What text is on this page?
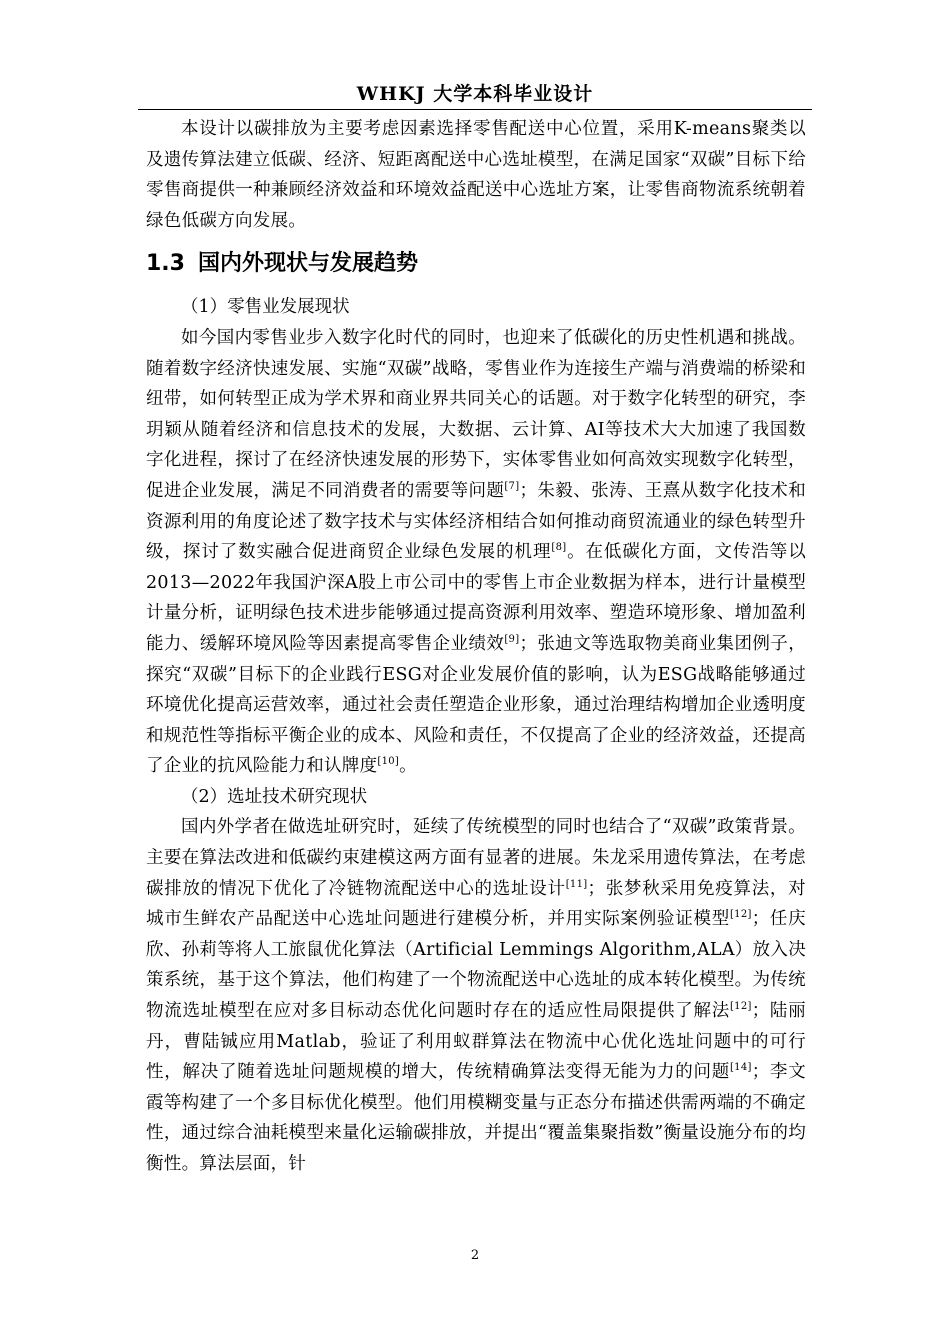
WHKJ 大学本科毕业设计

本设计以碳排放为主要考虑因素选择零售配送中心位置，采用K-means聚类以及遗传算法建立低碳、经济、短距离配送中心选址模型，在满足国家“双碳”目标下给零售商提供一种兼顾经济效益和环境效益配送中心选址方案，让零售商物流系统朝着绿色低碳方向发展。

1.3 国内外现状与发展趋势

（1）零售业发展现状

如今国内零售业步入数字化时代的同时，也迎来了低碳化的历史性机遇和挑战。随着数字经济快速发展、实施“双碳”战略，零售业作为连接生产端与消费端的桥梁和纽带，如何转型正成为学术界和商业界共同关心的话题。对于数字化转型的研究，李玥颖从随着经济和信息技术的发展，大数据、云计算、AI等技术大大加速了我国数字化进程，探讨了在经济快速发展的形势下，实体零售业如何高效实现数字化转型，促进企业发展，满足不同消费者的需要等问题[7]；朱毅、张涛、王熹从数字化技术和资源利用的角度论述了数字技术与实体经济相结合如何推动商贸流通业的绿色转型升级，探讨了数实融合促进商贸企业绿色发展的机理[8]。在低碳化方面，文传浩等以2013—2022年我国沪深A股上市公司中的零售上市企业数据为样本，进行计量模型计量分析，证明绿色技术进步能够通过提高资源利用效率、塑造环境形象、增加盈利能力、缓解环境风险等因素提高零售企业绩效[9]；张迪文等选取物美商业集团例子，探究“双碳”目标下的企业践行ESG对企业发展价值的影响，认为ESG战略能够通过环境优化提高运营效率，通过社会责任塑造企业形象，通过治理结构增加企业透明度和规范性等指标平衡企业的成本、风险和责任，不仅提高了企业的经济效益，还提高了企业的抗风险能力和认牌度[10]。

（2）选址技术研究现状

国内外学者在做选址研究时，延续了传统模型的同时也结合了“双碳”政策背景。主要在算法改进和低碳约束建模这两方面有显著的进展。朱龙采用遗传算法，在考虑碳排放的情况下优化了冷链物流配送中心的选址设计[11]；张梦秋采用免疫算法，对城市生鲜农产品配送中心选址问题进行建模分析，并用实际案例验证模型[12]；任庆欣、孙莉等将人工旅鼠优化算法（Artificial Lemmings Algorithm,ALA）放入决策系统，基于这个算法，他们构建了一个物流配送中心选址的成本转化模型。为传统物流选址模型在应对多目标动态优化问题时存在的适应性局限提供了解法[12]；陆丽丹，曹陆铖应用Matlab，验证了利用蚁群算法在物流中心优化选址问题中的可行性，解决了随着选址问题规模的增大，传统精确算法变得无能为力的问题[14]；李文霞等构建了一个多目标优化模型。他们用模糊变量与正态分布描述供需两端的不确定性，通过综合油耗模型来量化运输碳排放，并提出“覆盖集聚指数”衡量设施分布的均衡性。算法层面，针

2
